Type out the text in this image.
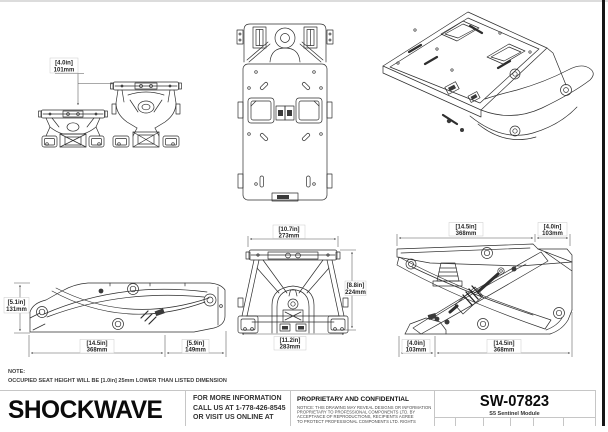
[4.0in]
101mm
[5.1in]
131mm
[14.5in]
368mm
[5.9in]
149mm
[10.7in]
273mm
[8.8in]
224mm
[11.2in]
283mm
[14.5in]
368mm
[4.0in]
103mm
[4.0in]
103mm
[14.5in]
368mm
NOTE:
OCCUPIED SEAT HEIGHT WILL BE [1.0in] 25mm LOWER THAN LISTED DIMENSION
SHOCKWAVE	FOR MORE INFORMATION
CALL US AT 1-778-426-8545
OR VISIT US ONLINE AT
PROPRIETARY AND CONFIDENTIAL
NOTICE: THIS DRAWING MAY REVEAL DESIGNS OR INFORMATION
PROPRIETARY TO PROFESSIONAL COMPONENTS LTD. BY
ACCEPTANCE OF REPRODUCTIONS, RECIPIENTS AGREE
TO PROTECT PROFESSIONAL COMPONENTS LTD. RIGHTS
SW-07823
S5 Sentinel Module
